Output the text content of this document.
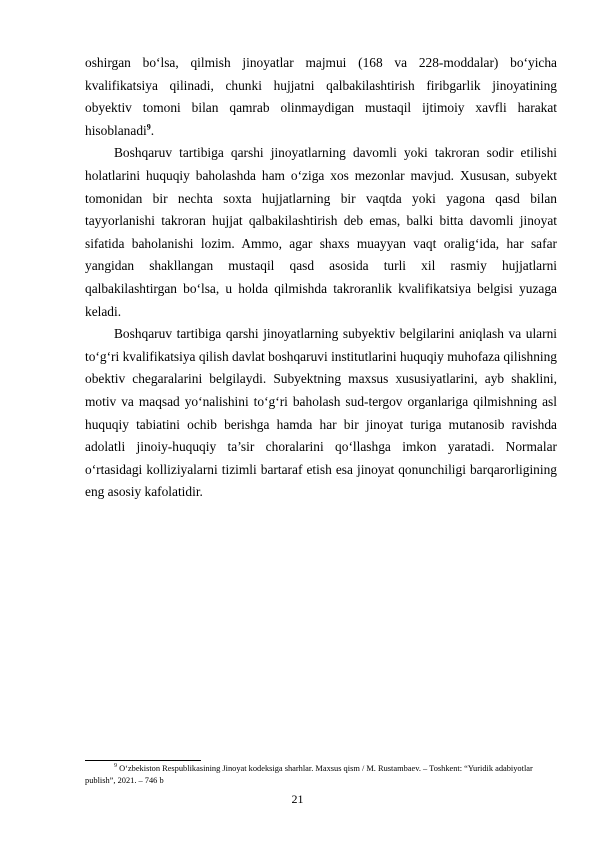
oshirgan bo‘lsa, qilmish jinoyatlar majmui (168 va 228-moddalar) bo‘yicha kvalifikatsiya qilinadi, chunki hujjatni qalbakilashtirish firibgarlik jinoyatining obyektiv tomoni bilan qamrab olinmaydigan mustaqil ijtimoiy xavfli harakat hisoblanadi$^9$.

Boshqaruv tartibiga qarshi jinoyatlarning davomli yoki takroran sodir etilishi holatlarini huquqiy baholashda ham o‘ziga xos mezonlar mavjud. Xususan, subyekt tomonidan bir nechta soxta hujjatlarning bir vaqtda yoki yagona qasd bilan tayyorlanishi takroran hujjat qalbakilashtirish deb emas, balki bitta davomli jinoyat sifatida baholanishi lozim. Ammo, agar shaxs muayyan vaqt oralig‘ida, har safar yangidan shakllangan mustaqil qasd asosida turli xil rasmiy hujjatlarni qalbakilashtirgan bo‘lsa, u holda qilmishda takroranlik kvalifikatsiya belgisi yuzaga keladi.

Boshqaruv tartibiga qarshi jinoyatlarning subyektiv belgilarini aniqlash va ularni to‘g‘ri kvalifikatsiya qilish davlat boshqaruvi institutlarini huquqiy muhofaza qilishning obektiv chegaralarini belgilaydi. Subyektning maxsus xususiyatlarini, ayb shaklini, motiv va maqsad yo‘nalishini to‘g‘ri baholash sud-tergov organlariga qilmishning asl huquqiy tabiatini ochib berishga hamda har bir jinoyat turiga mutanosib ravishda adolatli jinoiy-huquqiy ta’sir choralarini qo‘llashga imkon yaratadi. Normalar o‘rtasidagi kolliziyalarni tizimli bartaraf etish esa jinoyat qonunchiligi barqarorligining eng asosiy kafolatidir.

$^9$ O‘zbekiston Respublikasining Jinoyat kodeksiga sharhlar. Maxsus qism / M. Rustambaev. – Toshkent: “Yuridik adabiyotlar publish”, 2021. – 746 b

21
